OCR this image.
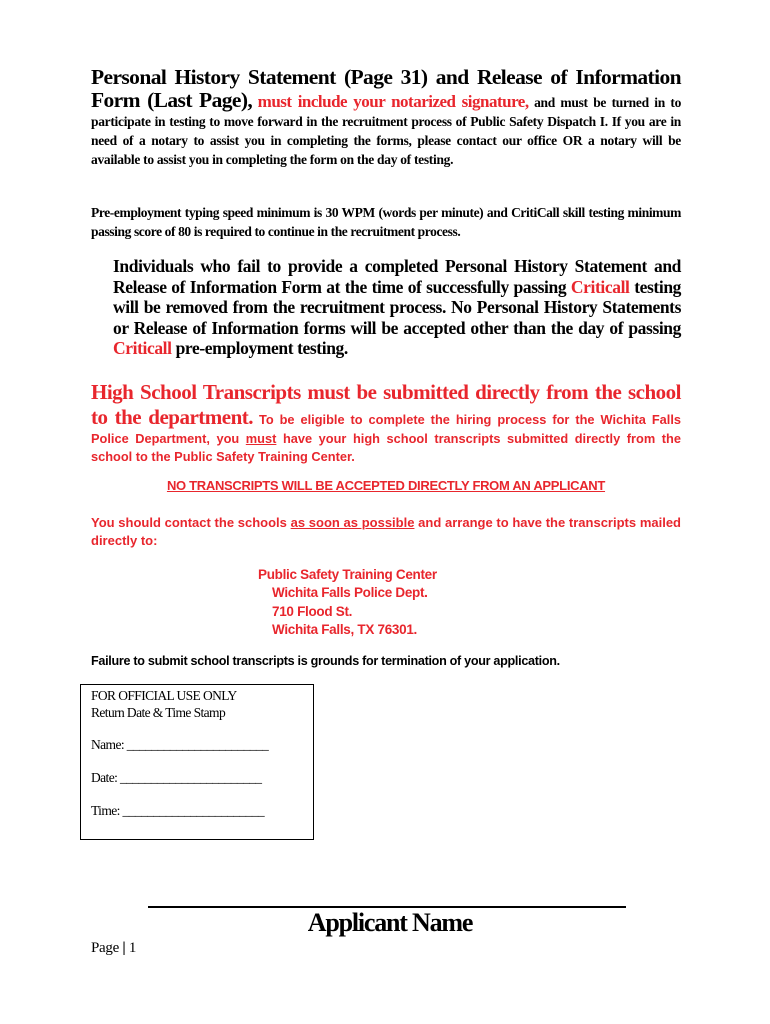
Personal History Statement (Page 31) and Release of Information Form (Last Page), must include your notarized signature, and must be turned in to participate in testing to move forward in the recruitment process of Public Safety Dispatch I. If you are in need of a notary to assist you in completing the forms, please contact our office OR a notary will be available to assist you in completing the form on the day of testing.
Pre-employment typing speed minimum is 30 WPM (words per minute) and CritiCall skill testing minimum passing score of 80 is required to continue in the recruitment process.
Individuals who fail to provide a completed Personal History Statement and Release of Information Form at the time of successfully passing Criticall testing will be removed from the recruitment process. No Personal History Statements or Release of Information forms will be accepted other than the day of passing Criticall pre-employment testing.
High School Transcripts must be submitted directly from the school to the department. To be eligible to complete the hiring process for the Wichita Falls Police Department, you must have your high school transcripts submitted directly from the school to the Public Safety Training Center.
NO TRANSCRIPTS WILL BE ACCEPTED DIRECTLY FROM AN APPLICANT
You should contact the schools as soon as possible and arrange to have the transcripts mailed directly to:
Public Safety Training Center
Wichita Falls Police Dept.
710 Flood St.
Wichita Falls, TX 76301.
Failure to submit school transcripts is grounds for termination of your application.
FOR OFFICIAL USE ONLY
Return Date & Time Stamp
Name: _______________________
Date: _______________________
Time: _______________________
Applicant Name
Page | 1
